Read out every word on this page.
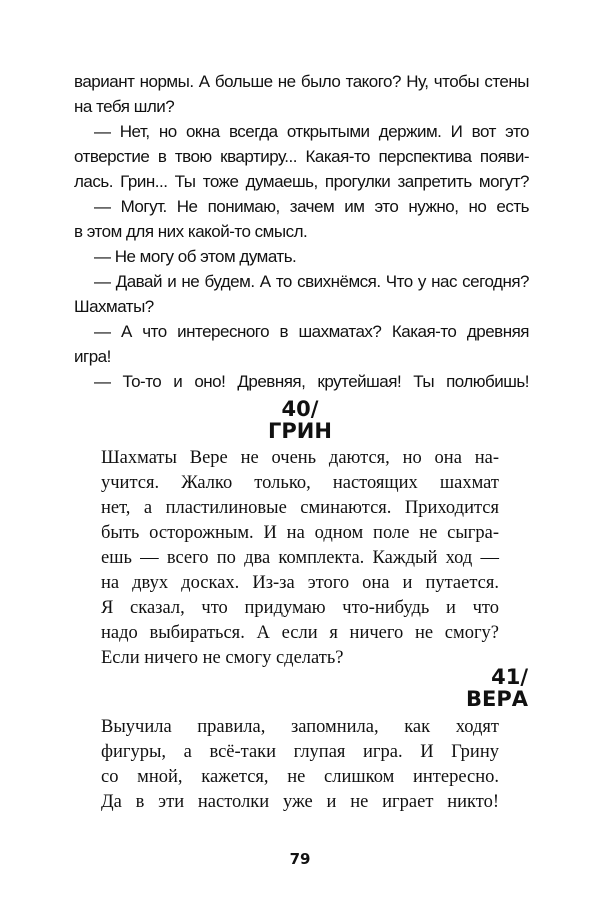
вариант нормы. А больше не было такого? Ну, чтобы стены
на тебя шли?
— Нет, но окна всегда открытыми держим. И вот это
отверстие в твою квартиру... Какая-то перспектива появи-
лась. Грин... Ты тоже думаешь, прогулки запретить могут?
— Могут. Не понимаю, зачем им это нужно, но есть
в этом для них какой-то смысл.
— Не могу об этом думать.
— Давай и не будем. А то свихнёмся. Что у нас сегодня?
Шахматы?
— А что интересного в шахматах? Какая-то древняя
игра!
— То-то и оно! Древняя, крутейшая! Ты полюбишь!
40/
ГРИН
Шахматы Вере не очень даются, но она на-
учится. Жалко только, настоящих шахмат
нет, а пластилиновые сминаются. Приходится
быть осторожным. И на одном поле не сыгра-
ешь — всего по два комплекта. Каждый ход —
на двух досках. Из-за этого она и путается.
Я сказал, что придумаю что-нибудь и что
надо выбираться. А если я ничего не смогу?
Если ничего не смогу сделать?
41/
ВЕРА
Выучила правила, запомнила, как ходят
фигуры, а всё-таки глупая игра. И Грину
со мной, кажется, не слишком интересно.
Да в эти настолки уже и не играет никто!
79
